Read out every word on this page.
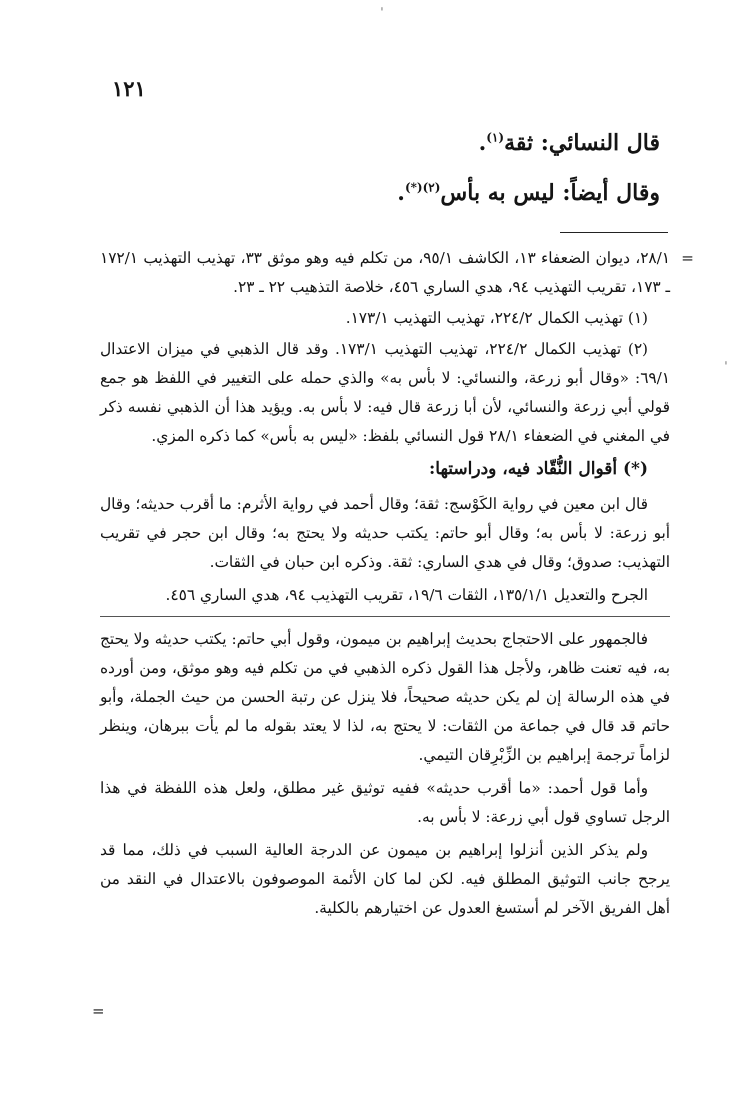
١٢١
قال النسائي: ثقة$^{(١)}$.
وقال أيضاً: ليس به بأس$^{(٢)(*)}$.

=
٢٨/١، ديوان الضعفاء ١٣، الكاشف ٩٥/١، من تكلم فيه وهو موثق ٣٣، تهذيب التهذيب ١٧٢/١ ـ ١٧٣، تقريب التهذيب ٩٤، هدي الساري ٤٥٦، خلاصة التذهيب ٢٢ ـ ٢٣.

(١) تهذيب الكمال ٢٢٤/٢، تهذيب التهذيب ١٧٣/١.

(٢) تهذيب الكمال ٢٢٤/٢، تهذيب التهذيب ١٧٣/١. وقد قال الذهبي في ميزان الاعتدال ٦٩/١: «وقال أبو زرعة، والنسائي: لا بأس به» والذي حمله على التغيير في اللفظ هو جمع قولي أبي زرعة والنسائي، لأن أبا زرعة قال فيه: لا بأس به. ويؤيد هذا أن الذهبي نفسه ذكر في المغني في الضعفاء ٢٨/١ قول النسائي بلفظ: «ليس به بأس» كما ذكره المزي.

(*) أقوال النُّقّاد فيه، ودراستها:

قال ابن معين في رواية الكَوْسج: ثقة؛ وقال أحمد في رواية الأثرم: ما أقرب حديثه؛ وقال أبو زرعة: لا بأس به؛ وقال أبو حاتم: يكتب حديثه ولا يحتج به؛ وقال ابن حجر في تقريب التهذيب: صدوق؛ وقال في هدي الساري: ثقة. وذكره ابن حبان في الثقات.

الجرح والتعديل ١٣٥/١/١، الثقات ١٩/٦، تقريب التهذيب ٩٤، هدي الساري ٤٥٦.

فالجمهور على الاحتجاج بحديث إبراهيم بن ميمون، وقول أبي حاتم: يكتب حديثه ولا يحتج به، فيه تعنت ظاهر، ولأجل هذا القول ذكره الذهبي في من تكلم فيه وهو موثق، ومن أورده في هذه الرسالة إن لم يكن حديثه صحيحاً، فلا ينزل عن رتبة الحسن من حيث الجملة، وأبو حاتم قد قال في جماعة من الثقات: لا يحتج به، لذا لا يعتد بقوله ما لم يأت ببرهان، وينظر لزاماً ترجمة إبراهيم بن الزِّبْرِقان التيمي.

وأما قول أحمد: «ما أقرب حديثه» ففيه توثيق غير مطلق، ولعل هذه اللفظة في هذا الرجل تساوي قول أبي زرعة: لا بأس به.

ولم يذكر الذين أنزلوا إبراهيم بن ميمون عن الدرجة العالية السبب في ذلك، مما قد يرجح جانب التوثيق المطلق فيه. لكن لما كان الأئمة الموصوفون بالاعتدال في النقد من أهل الفريق الآخر لم أستسغ العدول عن اختيارهم بالكلية.

=
ˈ
ˈ
